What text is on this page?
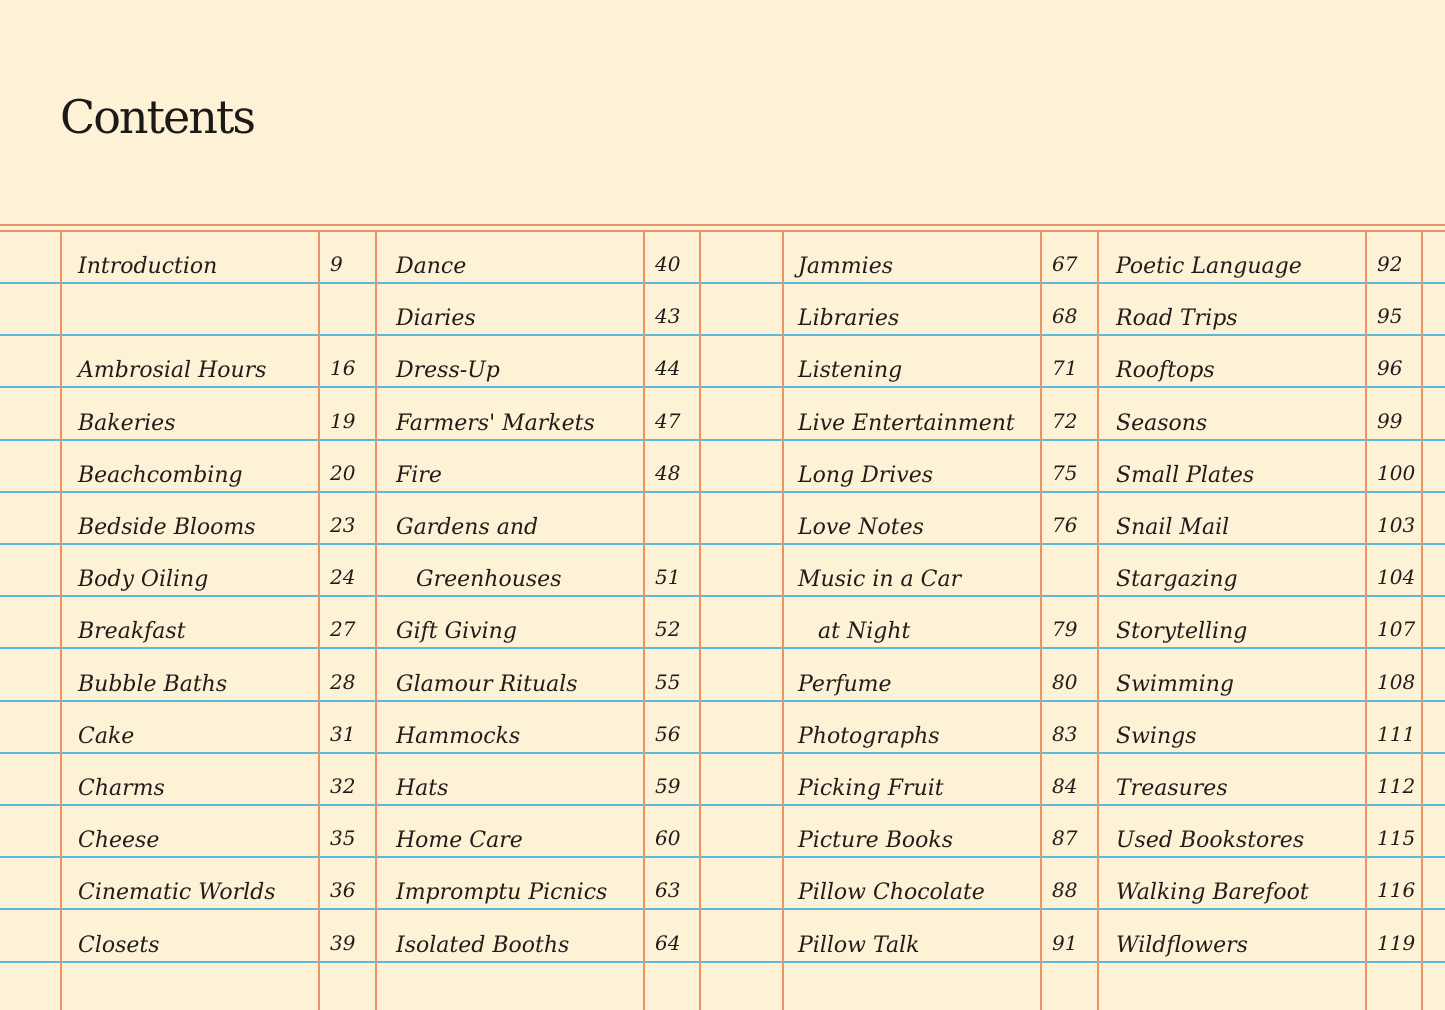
Contents
Introduction	9
Ambrosial Hours	16
Bakeries	19
Beachcombing	20
Bedside Blooms	23
Body Oiling	24
Breakfast	27
Bubble Baths	28
Cake	31
Charms	32
Cheese	35
Cinematic Worlds	36
Closets	39
Dance	40
Diaries	43
Dress-Up	44
Farmers' Markets	47
Fire	48
Gardens and
Greenhouses	51
Gift Giving	52
Glamour Rituals	55
Hammocks	56
Hats	59
Home Care	60
Impromptu Picnics 63
Isolated Booths	64
Jammies	67
Libraries	68
Listening	71
Live Entertainment 72
Long Drives	75
Love Notes	76
Music in a Car
at Night	79
Perfume	80
Photographs	83
Picking Fruit	84
Picture Books	87
Pillow Chocolate	88
Pillow Talk	91
Poetic Language	92
Road Trips	95
Rooftops	96
Seasons	99
Small Plates	100
Snail Mail	103
Stargazing	104
Storytelling	107
Swimming	108
Swings	111
Treasures	112
Used Bookstores	115
Walking Barefoot	116
Wildflowers	119
